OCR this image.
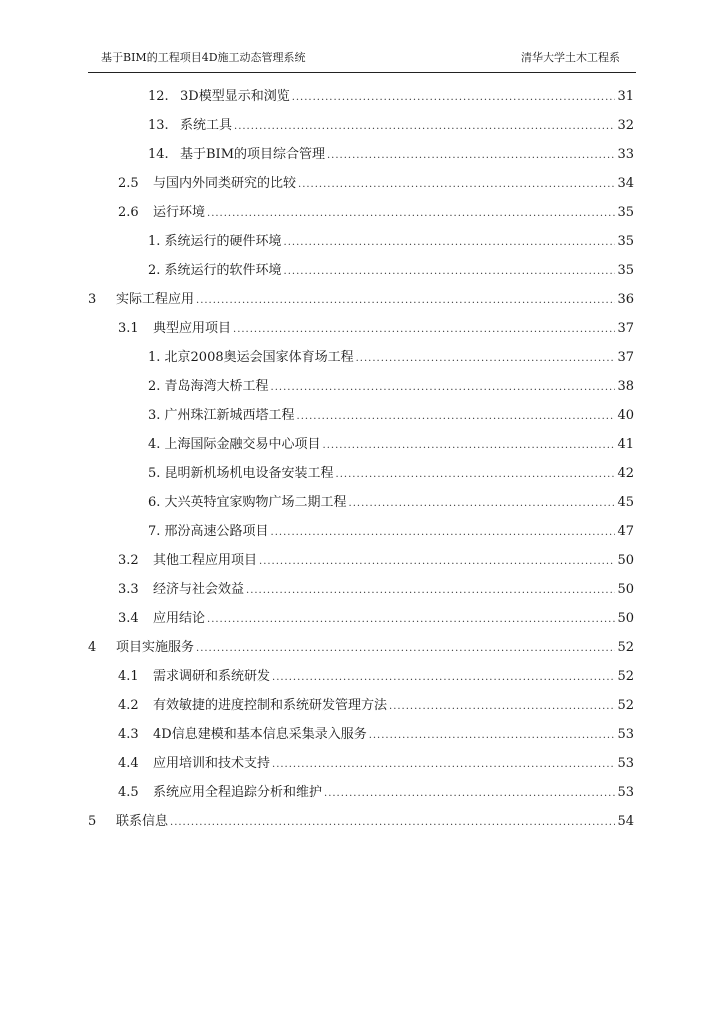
基于BIM的工程项目4D施工动态管理系统	清华大学土木工程系
12. 3D模型显示和浏览 .....	31
13. 系统工具 .....	32
14. 基于BIM的项目综合管理 .....	33
2.5 与国内外同类研究的比较 .....	34
2.6 运行环境 .....	35
1. 系统运行的硬件环境 .....	35
2. 系统运行的软件环境 .....	35
3 实际工程应用 .....	36
3.1 典型应用项目 .....	37
1. 北京2008奥运会国家体育场工程 .....	37
2. 青岛海湾大桥工程 .....	38
3. 广州珠江新城西塔工程 .....	40
4. 上海国际金融交易中心项目 .....	41
5. 昆明新机场机电设备安装工程 .....	42
6. 大兴英特宜家购物广场二期工程 .....	45
7. 邢汾高速公路项目 .....	47
3.2 其他工程应用项目 .....	50
3.3 经济与社会效益 .....	50
3.4 应用结论 .....	50
4 项目实施服务 .....	52
4.1 需求调研和系统研发 .....	52
4.2 有效敏捷的进度控制和系统研发管理方法 .....	52
4.3 4D信息建模和基本信息采集录入服务 .....	53
4.4 应用培训和技术支持 .....	53
4.5 系统应用全程追踪分析和维护 .....	53
5 联系信息 .....	54
